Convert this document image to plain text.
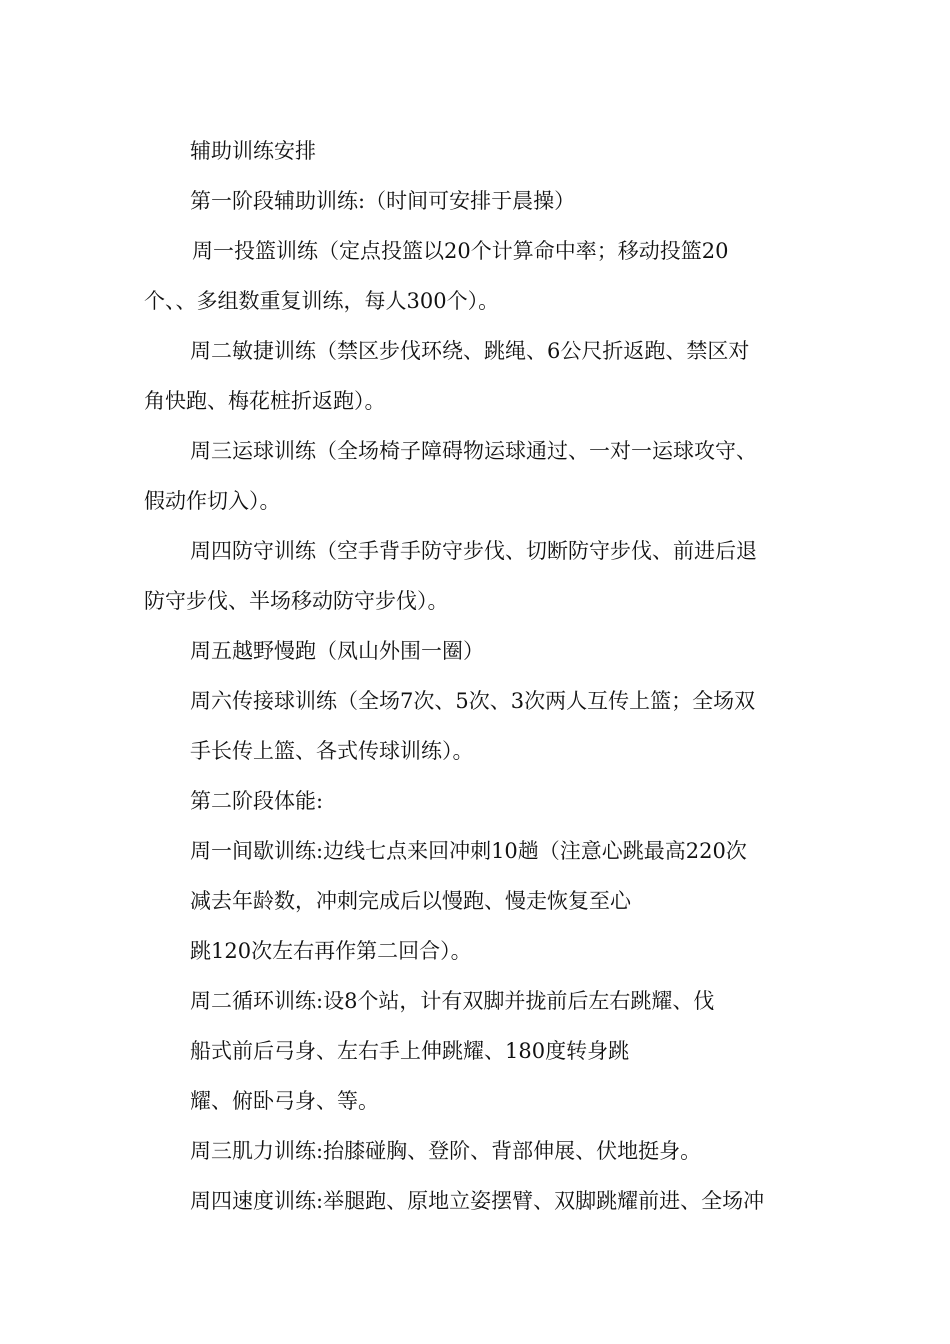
辅助训练安排
第一阶段辅助训练:（时间可安排于晨操）
周一投篮训练（定点投篮以20个计算命中率；移动投篮20
个、、多组数重复训练，每人300个）。
周二敏捷训练（禁区步伐环绕、跳绳、6公尺折返跑、禁区对
角快跑、梅花桩折返跑）。
周三运球训练（全场椅子障碍物运球通过、一对一运球攻守、
假动作切入）。
周四防守训练（空手背手防守步伐、切断防守步伐、前进后退
防守步伐、半场移动防守步伐）。
周五越野慢跑（凤山外围一圈）
周六传接球训练（全场7次、5次、3次两人互传上篮；全场双
手长传上篮、各式传球训练）。
第二阶段体能:
周一间歇训练:边线七点来回冲刺10趟（注意心跳最高220次
减去年龄数，冲刺完成后以慢跑、慢走恢复至心
跳120次左右再作第二回合）。
周二循环训练:设8个站，计有双脚并拢前后左右跳耀、伐
船式前后弓身、左右手上伸跳耀、180度转身跳
耀、俯卧弓身、等。
周三肌力训练:抬膝碰胸、登阶、背部伸展、伏地挺身。
周四速度训练:举腿跑、原地立姿摆臂、双脚跳耀前进、全场冲
